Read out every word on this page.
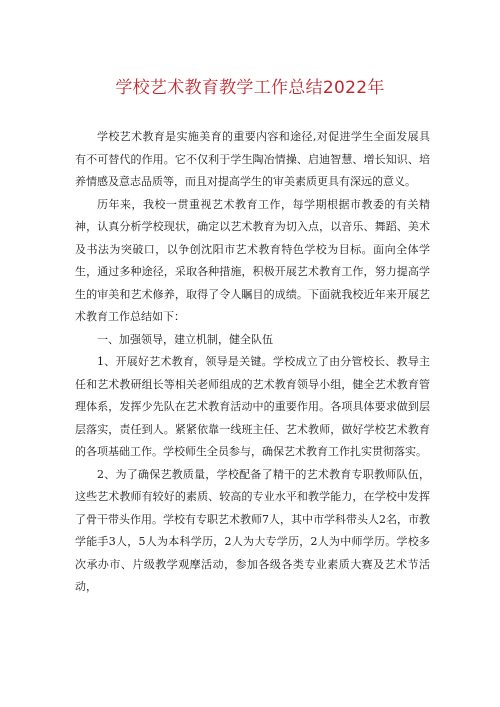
学校艺术教育教学工作总结2022年

学校艺术教育是实施美育的重要内容和途径,对促进学生全面发展具有不可替代的作用。它不仅利于学生陶冶情操、启迪智慧、增长知识、培养情感及意志品质等，而且对提高学生的审美素质更具有深远的意义。

历年来，我校一贯重视艺术教育工作，每学期根据市教委的有关精神，认真分析学校现状，确定以艺术教育为切入点，以音乐、舞蹈、美术及书法为突破口，以争创沈阳市艺术教育特色学校为目标。面向全体学生，通过多种途径，采取各种措施，积极开展艺术教育工作，努力提高学生的审美和艺术修养，取得了令人瞩目的成绩。下面就我校近年来开展艺术教育工作总结如下：

一、加强领导，建立机制，健全队伍

1、开展好艺术教育，领导是关键。学校成立了由分管校长、教导主任和艺术教研组长等相关老师组成的艺术教育领导小组，健全艺术教育管理体系，发挥少先队在艺术教育活动中的重要作用。各项具体要求做到层层落实，责任到人。紧紧依靠一线班主任、艺术教师，做好学校艺术教育的各项基础工作。学校师生全员参与，确保艺术教育工作扎实贯彻落实。

2、为了确保艺教质量，学校配备了精干的艺术教育专职教师队伍，这些艺术教师有较好的素质、较高的专业水平和教学能力，在学校中发挥了骨干带头作用。学校有专职艺术教师7人，其中市学科带头人2名，市教学能手3人，5人为本科学历，2人为大专学历，2人为中师学历。学校多次承办市、片级教学观摩活动，参加各级各类专业素质大赛及艺术节活动，
